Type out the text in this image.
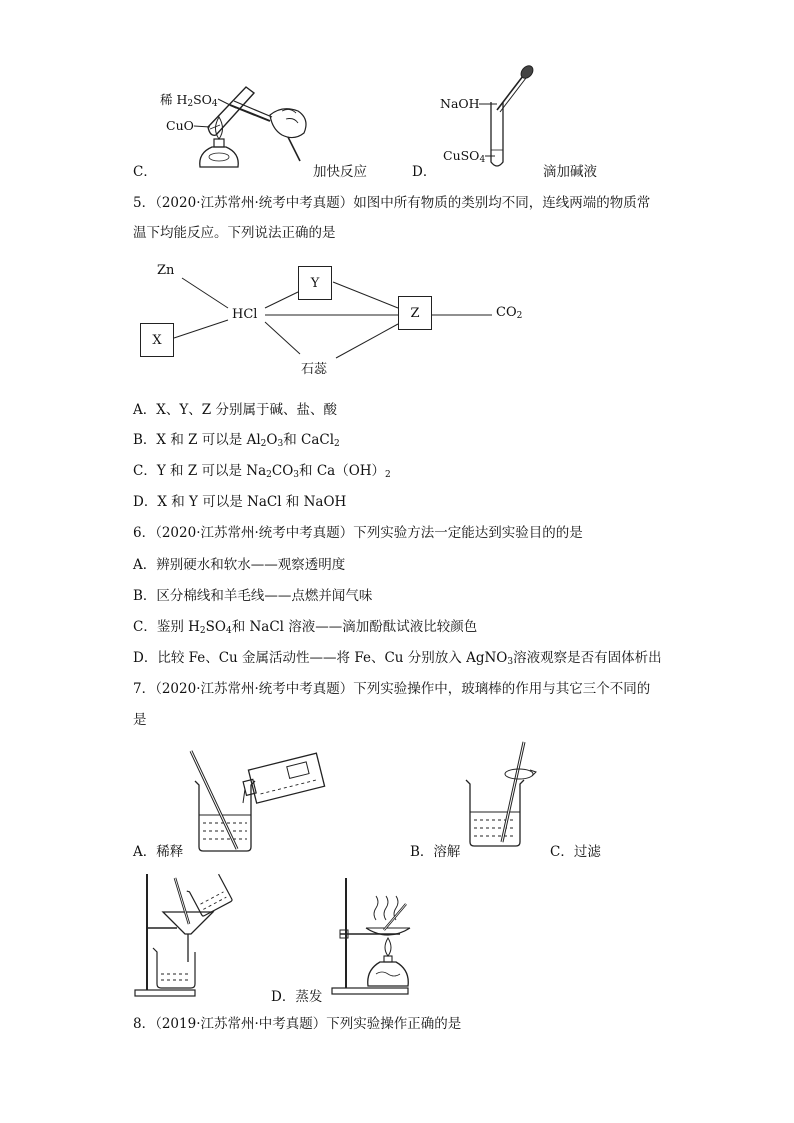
稀 $H_2SO_4$
CuO
C．	加快反应
NaOH
CuSO$_4$
D．	滴加碱液
5．（2020·江苏常州·统考中考真题）如图中所有物质的类别均不同，连线两端的物质常
温下均能反应。下列说法正确的是
Zn
X
HCl
Y
Z	$CO_2$
石蕊
A．X、Y、Z 分别属于碱、盐、酸
B．X 和 Z 可以是 $Al_2O_3$和 CaCl$_2$
C．Y 和 Z 可以是 $Na_2CO_3$和 $Ca(OH)_2$
D．X 和 Y 可以是 NaCl 和 NaOH
6．（2020·江苏常州·统考中考真题）下列实验方法一定能达到实验目的的是
A．辨别硬水和软水——观察透明度
B．区分棉线和羊毛线——点燃并闻气味
C．鉴别 $H_2SO_4$和 NaCl 溶液——滴加酚酞试液比较颜色
D．比较 Fe、Cu 金属活动性——将 Fe、Cu 分别放入 AgNO$_3$溶液观察是否有固体析出
7．（2020·江苏常州·统考中考真题）下列实验操作中，玻璃棒的作用与其它三个不同的
是
A．稀释	B．溶解	C．过滤
D．蒸发
8．（2019·江苏常州·中考真题）下列实验操作正确的是
